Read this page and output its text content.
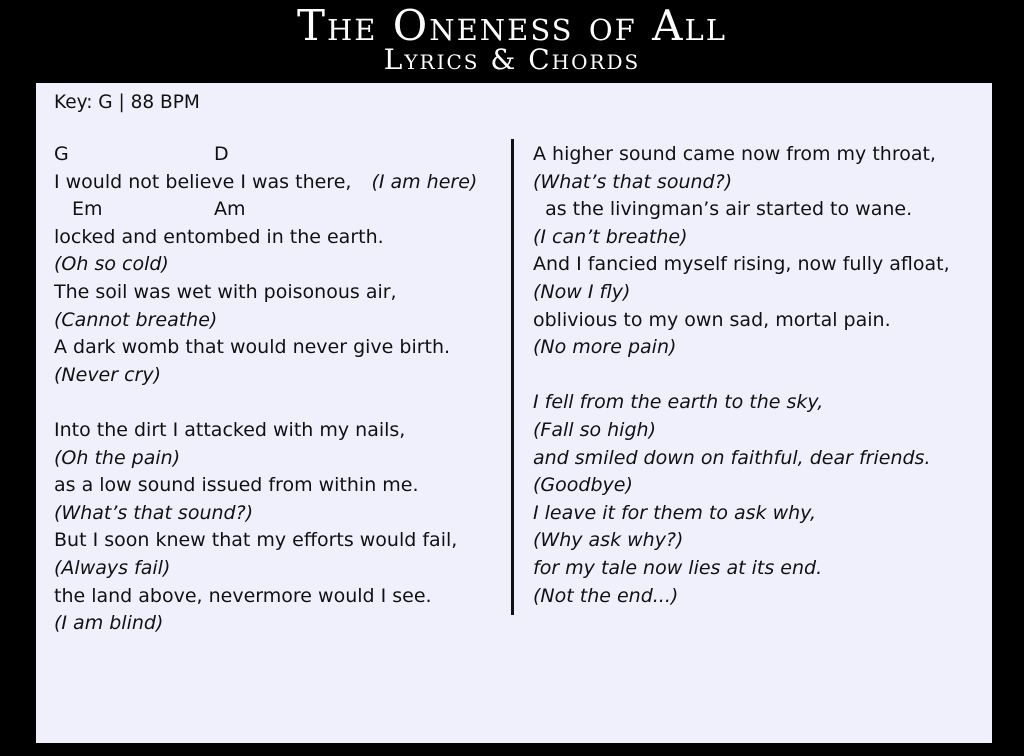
The Oneness of All
Lyrics & Chords
Key: G | 88 BPM
G	D
I would not believe I was there, (I am here)
Em	Am
locked and entombed in the earth.
(Oh so cold)
The soil was wet with poisonous air,
(Cannot breathe)
A dark womb that would never give birth.
(Never cry)
Into the dirt I attacked with my nails,
(Oh the pain)
as a low sound issued from within me.
(What’s that sound?)
But I soon knew that my efforts would fail,
(Always fail)
the land above, nevermore would I see.
(I am blind)
A higher sound came now from my throat,
(What’s that sound?)
as the livingman’s air started to wane.
(I can’t breathe)
And I fancied myself rising, now fully afloat,
(Now I fly)
oblivious to my own sad, mortal pain.
(No more pain)
I fell from the earth to the sky,
(Fall so high)
and smiled down on faithful, dear friends.
(Goodbye)
I leave it for them to ask why,
(Why ask why?)
for my tale now lies at its end.
(Not the end...)
